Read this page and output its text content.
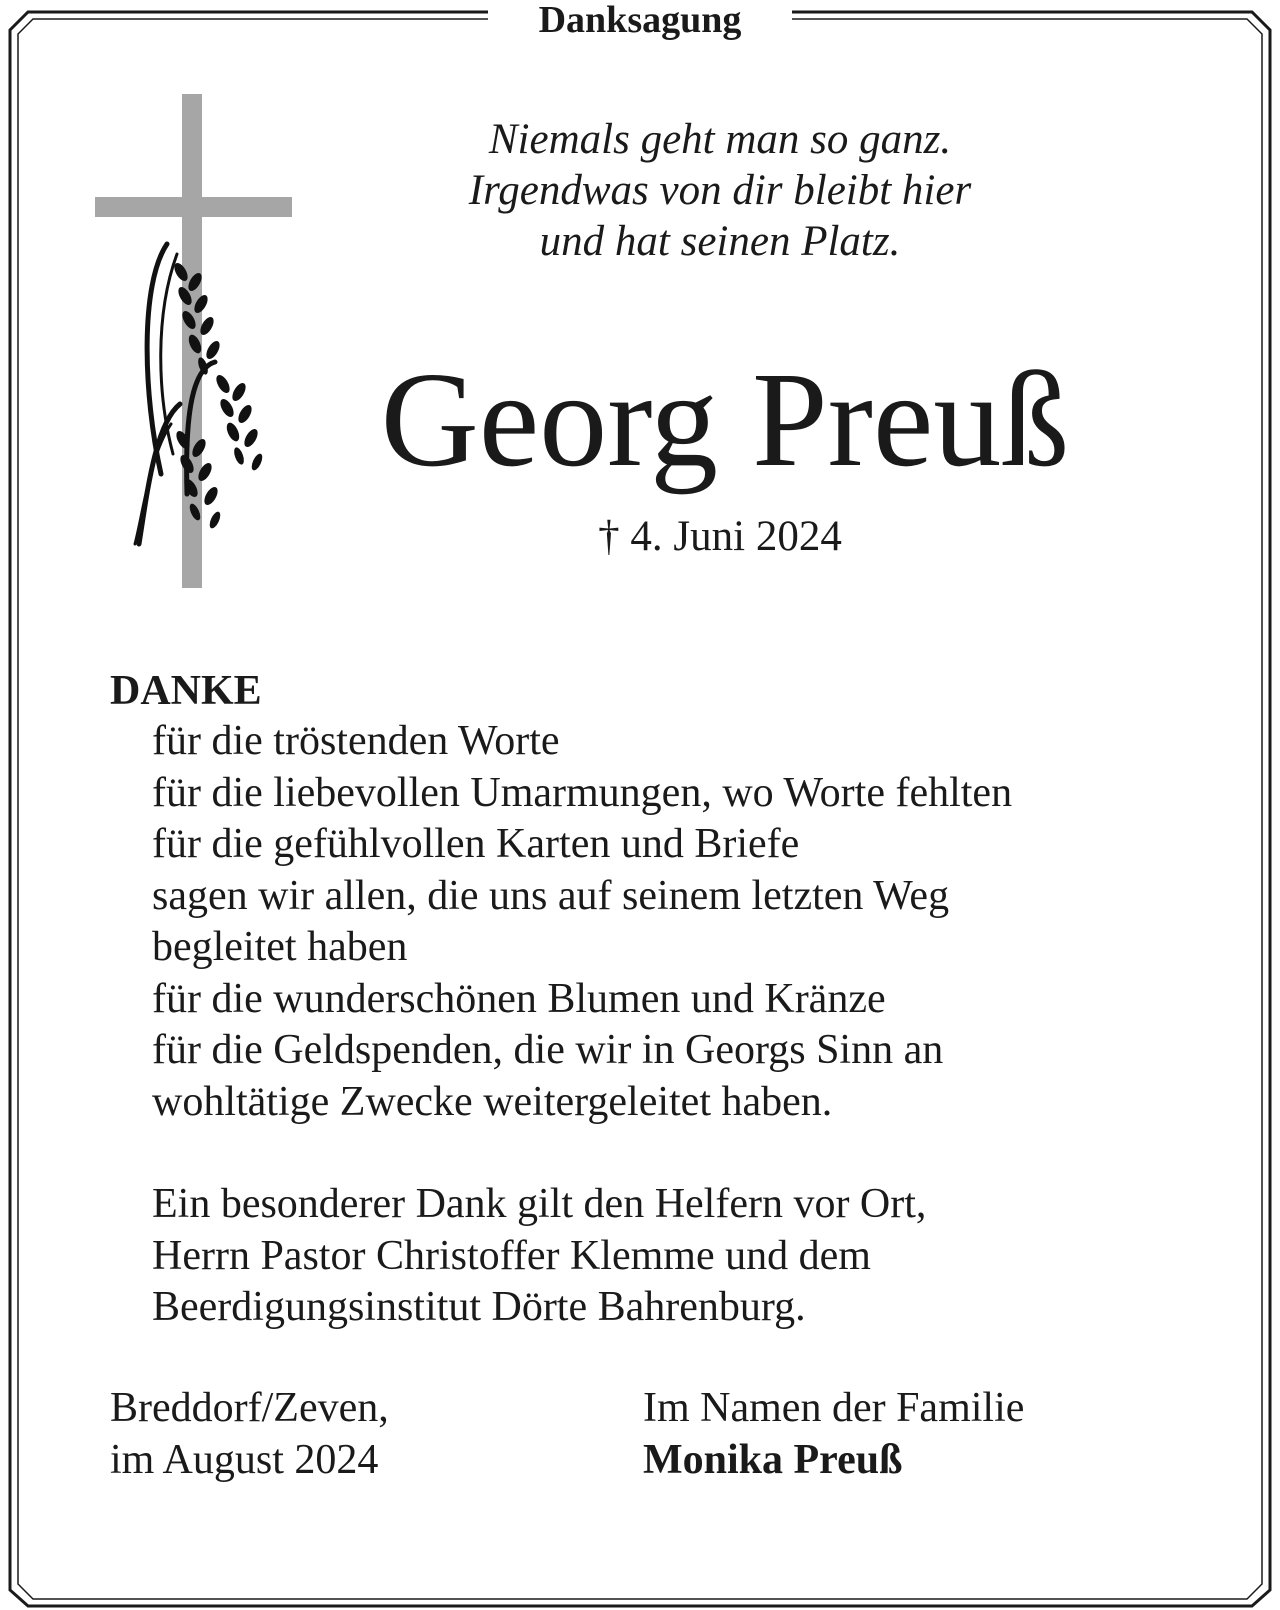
Danksagung
Niemals geht man so ganz.
Irgendwas von dir bleibt hier
und hat seinen Platz.
Georg Preuß
† 4. Juni 2024
DANKE
für die tröstenden Worte
für die liebevollen Umarmungen, wo Worte fehlten
für die gefühlvollen Karten und Briefe
sagen wir allen, die uns auf seinem letzten Weg
begleitet haben
für die wunderschönen Blumen und Kränze
für die Geldspenden, die wir in Georgs Sinn an
wohltätige Zwecke weitergeleitet haben.
Ein besonderer Dank gilt den Helfern vor Ort,
Herrn Pastor Christoffer Klemme und dem
Beerdigungsinstitut Dörte Bahrenburg.
Breddorf/Zeven,
im August 2024
Im Namen der Familie
Monika Preuß
